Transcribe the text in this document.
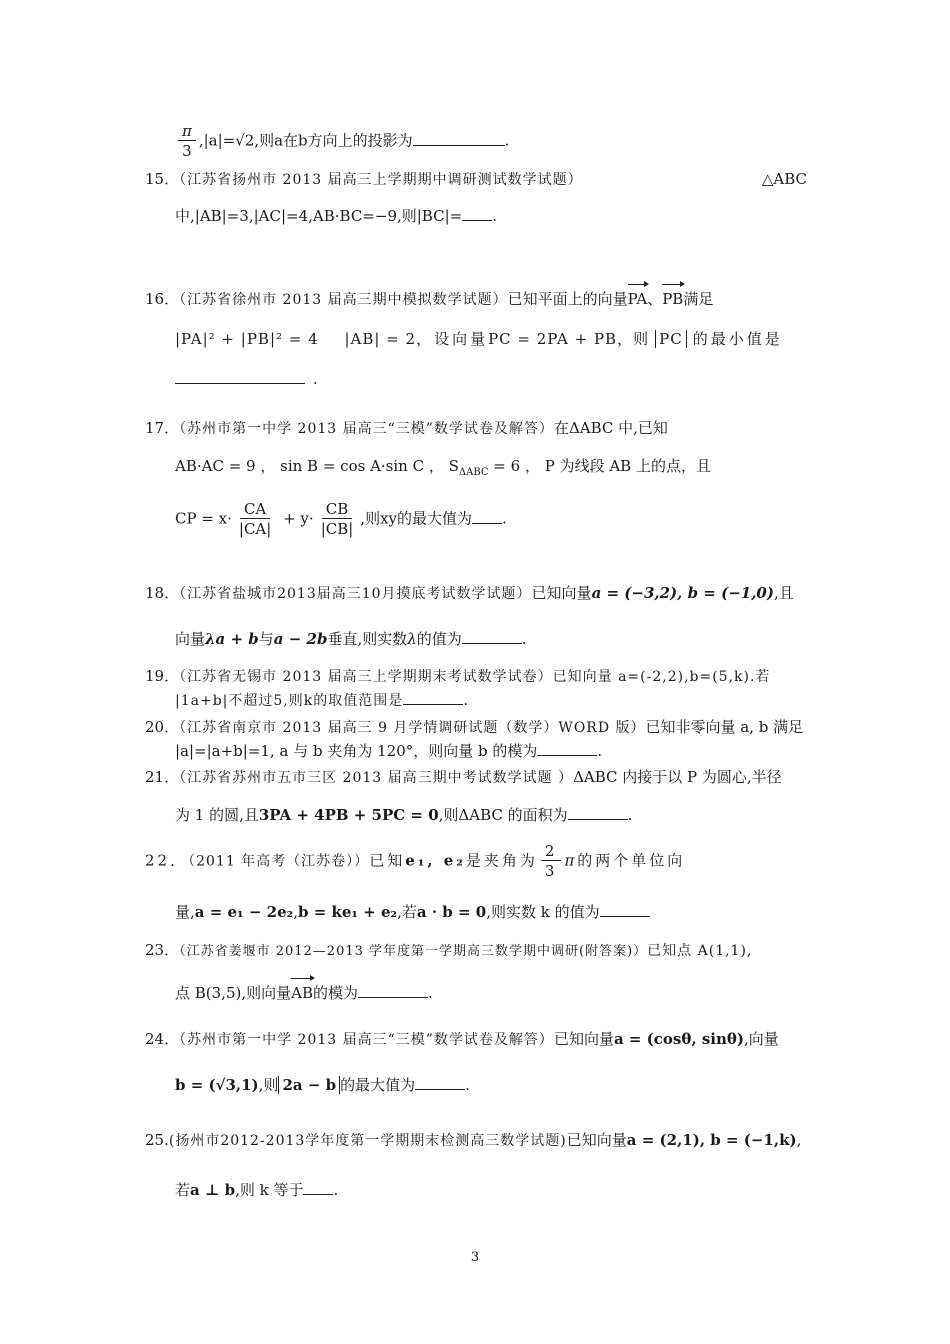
$\frac{\pi}{3} ,|a|=√2$,则a在b方向上的投影为	.
15．（江苏省扬州市 2013 届高三上学期期中调研测试数学试题）	△ABC
中,|AB|=3,|AC|=4,AB·BC=−9,则|BC|= .
16．（江苏省徐州市 2013 届高三期中模拟数学试题）已知平面上的向量PA、PB满足
|PA|² + |PB|² = 4 |AB| = 2，设向量PC = 2PA + PB，则 PC 的最小值是
.
17．（苏州市第一中学 2013 届高三“三模”数学试卷及解答）在ΔABC 中,已知
AB·AC = 9 ， sin B = cos A·sin C ， $S_{\Delta ABC} = 6$ ， P 为线段 AB 上的点，且
CP = $x\cdot \frac{CA}{|CA|} + y\cdot \frac{CB}{|CB|}$ ,则xy的最大值为 .
18．（江苏省盐城市2013届高三10月摸底考试数学试题）已知向量a = (−3,2), b = (−1,0),且
向量λa + b与a − 2b垂直,则实数λ的值为	.
19．（江苏省无锡市 2013 届高三上学期期末考试数学试卷）已知向量 a=(-2,2),b=(5,k).若
|1a+b|不超过5,则k的取值范围是	.
20．（江苏省南京市 2013 届高三 9 月学情调研试题（数学）WORD 版）已知非零向量 a, b 满足
|a|=|a+b|=1, a 与 b 夹角为 120°，则向量 b 的模为	.
21．（江苏省苏州市五市三区 2013 届高三期中考试数学试题 ）ΔABC 内接于以 P 为圆心,半径
为 1 的圆,且3PA + 4PB + 5PC = 0,则ΔABC 的面积为	.
22．（2011 年高考（江苏卷））已知e₁, e₂是夹角为 $\frac{2}{3}$ π的两个单位向
量,a = e₁ − 2e₂,b = ke₁ + e₂,若a · b = 0,则实数 k 的值为
23．（江苏省姜堰市 2012—2013 学年度第一学期高三数学期中调研(附答案)）已知点 A(1,1),
点 B(3,5),则向量AB的模为	.
24．（苏州市第一中学 2013 届高三“三模”数学试卷及解答）已知向量a = (cosθ, sinθ),向量
b = (√3,1),则 2a − b 的最大值为	.
25.(扬州市2012-2013学年度第一学期期末检测高三数学试题)已知向量a = (2,1), b = (−1,k),
若a ⊥ b,则 k 等于 .
3
